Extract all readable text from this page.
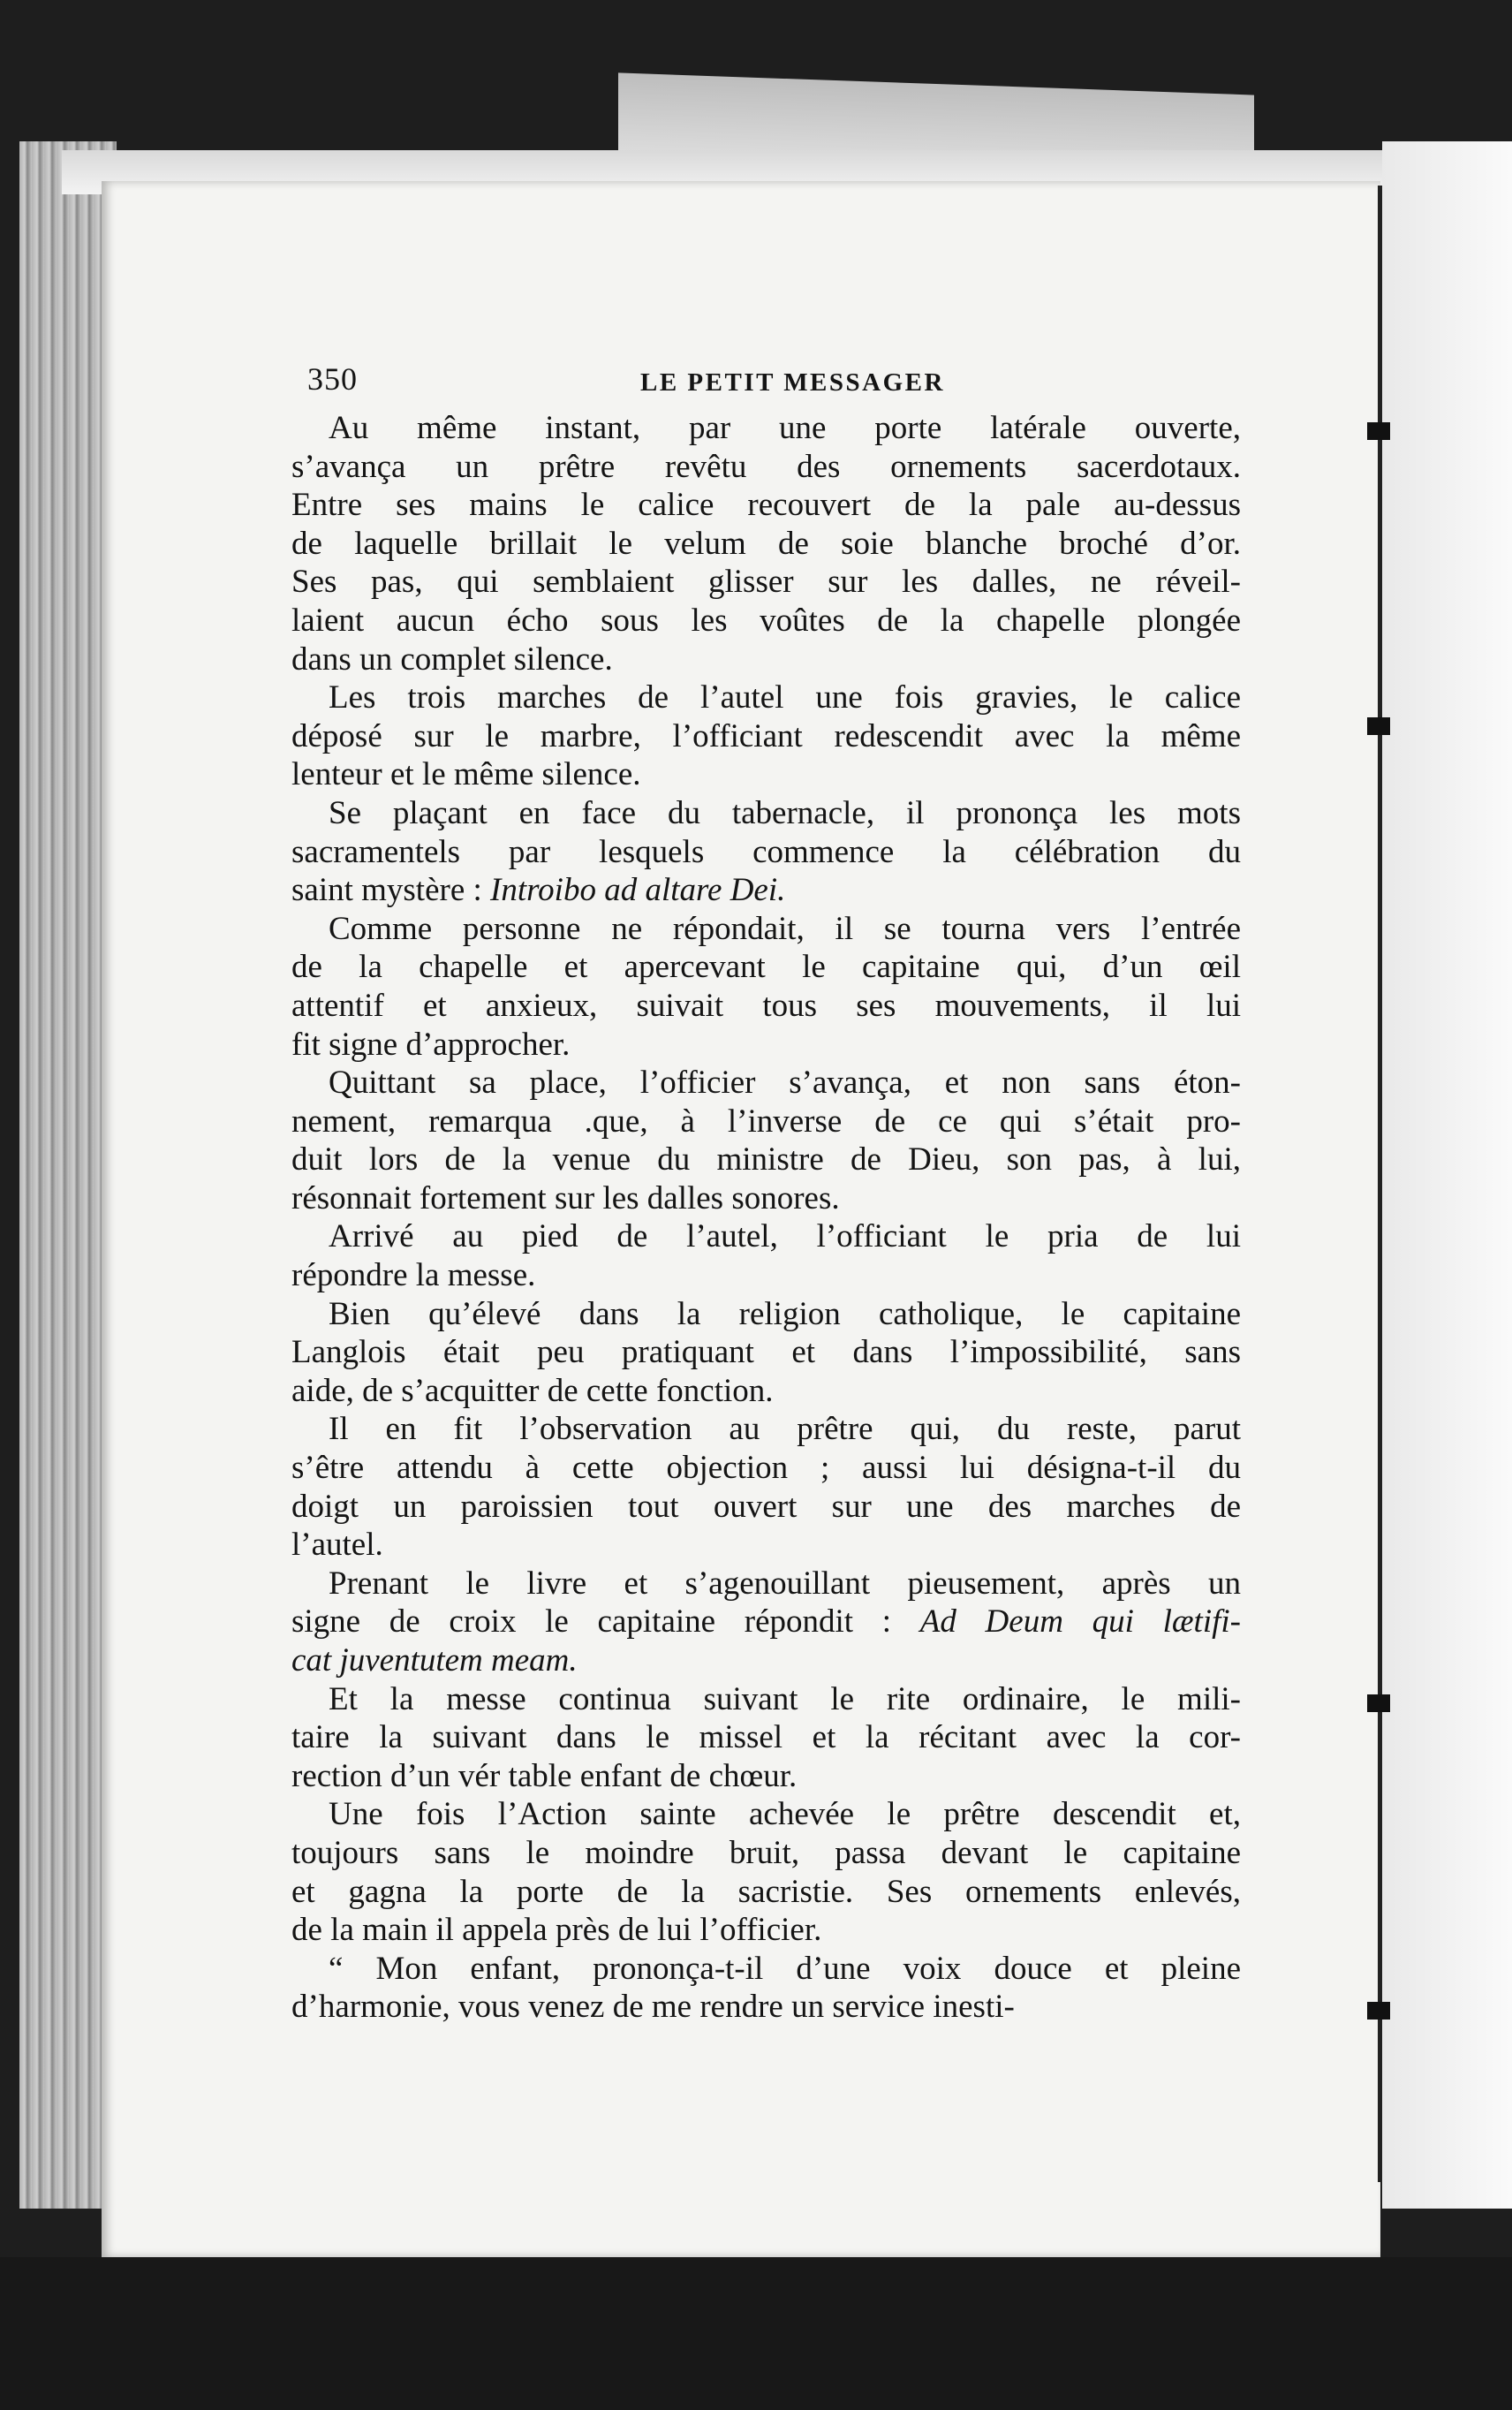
350	LE PETIT MESSAGER
Au même instant, par une porte latérale ouverte,
s’avança un prêtre revêtu des ornements sacerdotaux.
Entre ses mains le calice recouvert de la pale au-dessus
de laquelle brillait le velum de soie blanche broché d’or.
Ses pas, qui semblaient glisser sur les dalles, ne réveil-
laient aucun écho sous les voûtes de la chapelle plongée
dans un complet silence.
Les trois marches de l’autel une fois gravies, le calice
déposé sur le marbre, l’officiant redescendit avec la même
lenteur et le même silence.
Se plaçant en face du tabernacle, il prononça les mots
sacramentels par lesquels commence la célébration du
saint mystère : Introibo ad altare Dei.
Comme personne ne répondait, il se tourna vers l’entrée
de la chapelle et apercevant le capitaine qui, d’un œil
attentif et anxieux, suivait tous ses mouvements, il lui
fit signe d’approcher.
Quittant sa place, l’officier s’avança, et non sans éton-
nement, remarqua .que, à l’inverse de ce qui s’était pro-
duit lors de la venue du ministre de Dieu, son pas, à lui,
résonnait fortement sur les dalles sonores.
Arrivé au pied de l’autel, l’officiant le pria de lui
répondre la messe.
Bien qu’élevé dans la religion catholique, le capitaine
Langlois était peu pratiquant et dans l’impossibilité, sans
aide, de s’acquitter de cette fonction.
Il en fit l’observation au prêtre qui, du reste, parut
s’être attendu à cette objection ; aussi lui désigna-t-il du
doigt un paroissien tout ouvert sur une des marches de
l’autel.
Prenant le livre et s’agenouillant pieusement, après un
signe de croix le capitaine répondit : Ad Deum qui lætifi-
cat juventutem meam.
Et la messe continua suivant le rite ordinaire, le mili-
taire la suivant dans le missel et la récitant avec la cor-
rection d’un vér table enfant de chœur.
Une fois l’Action sainte achevée le prêtre descendit et,
toujours sans le moindre bruit, passa devant le capitaine
et gagna la porte de la sacristie. Ses ornements enlevés,
de la main il appela près de lui l’officier.
“ Mon enfant, prononça-t-il d’une voix douce et pleine
d’harmonie, vous venez de me rendre un service inesti-
